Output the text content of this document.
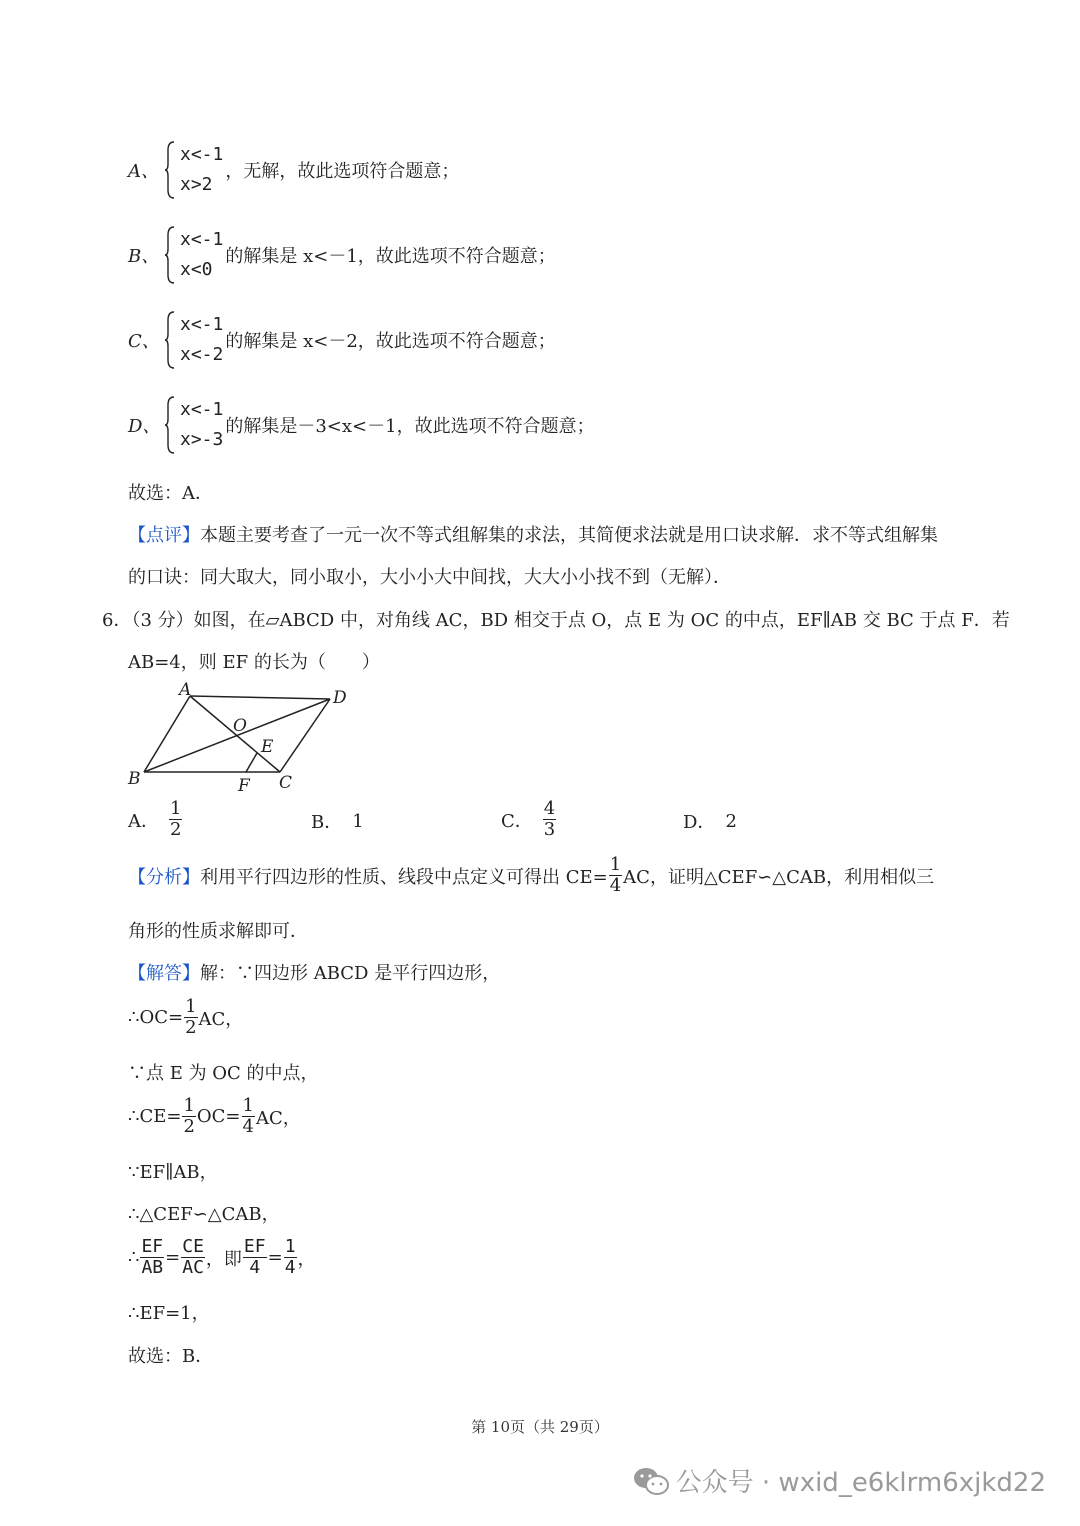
A、
x<-1
x>2
，无解，故此选项符合题意；
B、
x<-1
x<0
的解集是 x<－1，故此选项不符合题意；
C、
x<-1
x<-2
的解集是 x<－2，故此选项不符合题意；
D、
x<-1
x>-3
的解集是－3<x<－1，故此选项不符合题意；
故选：A．
【点评】本题主要考查了一元一次不等式组解集的求法，其简便求法就是用口诀求解．求不等式组解集
的口诀：同大取大，同小取小，大小小大中间找，大大小小找不到（无解）．
6．（3 分）如图，在▱ABCD 中，对角线 AC，BD 相交于点 O，点 E 为 OC 的中点，EF∥AB 交 BC 于点 F．若
AB=4，则 EF 的长为（　　）
A	D
O
E
B	F C
A． $\frac{1}{2}$	B． 1	C． $\frac{4}{3}$	D． 2
【分析】 利用平行四边形的性质、线段中点定义可得出 $CE= \frac{1}{4}$ AC，证明△CEF∽△CAB，利用相似三
角形的性质求解即可．
【解答】解：∵四边形 ABCD 是平行四边形，
∴OC= $\frac{1}{2}$ AC，
∵点 E 为 OC 的中点，
∴CE= $\frac{1}{2} OC= \frac{1}{4}$ AC，
∵EF∥AB，
∴△CEF∽△CAB，
∴ $\frac{EF}{AB} = \frac{CE}{AC}$ ，即 $\frac{EF}{4} = \frac{1}{4}$ ，
∴EF=1，
故选：B．
第 10页（共 29页）
公众号 · wxid_e6klrm6xjkd22
